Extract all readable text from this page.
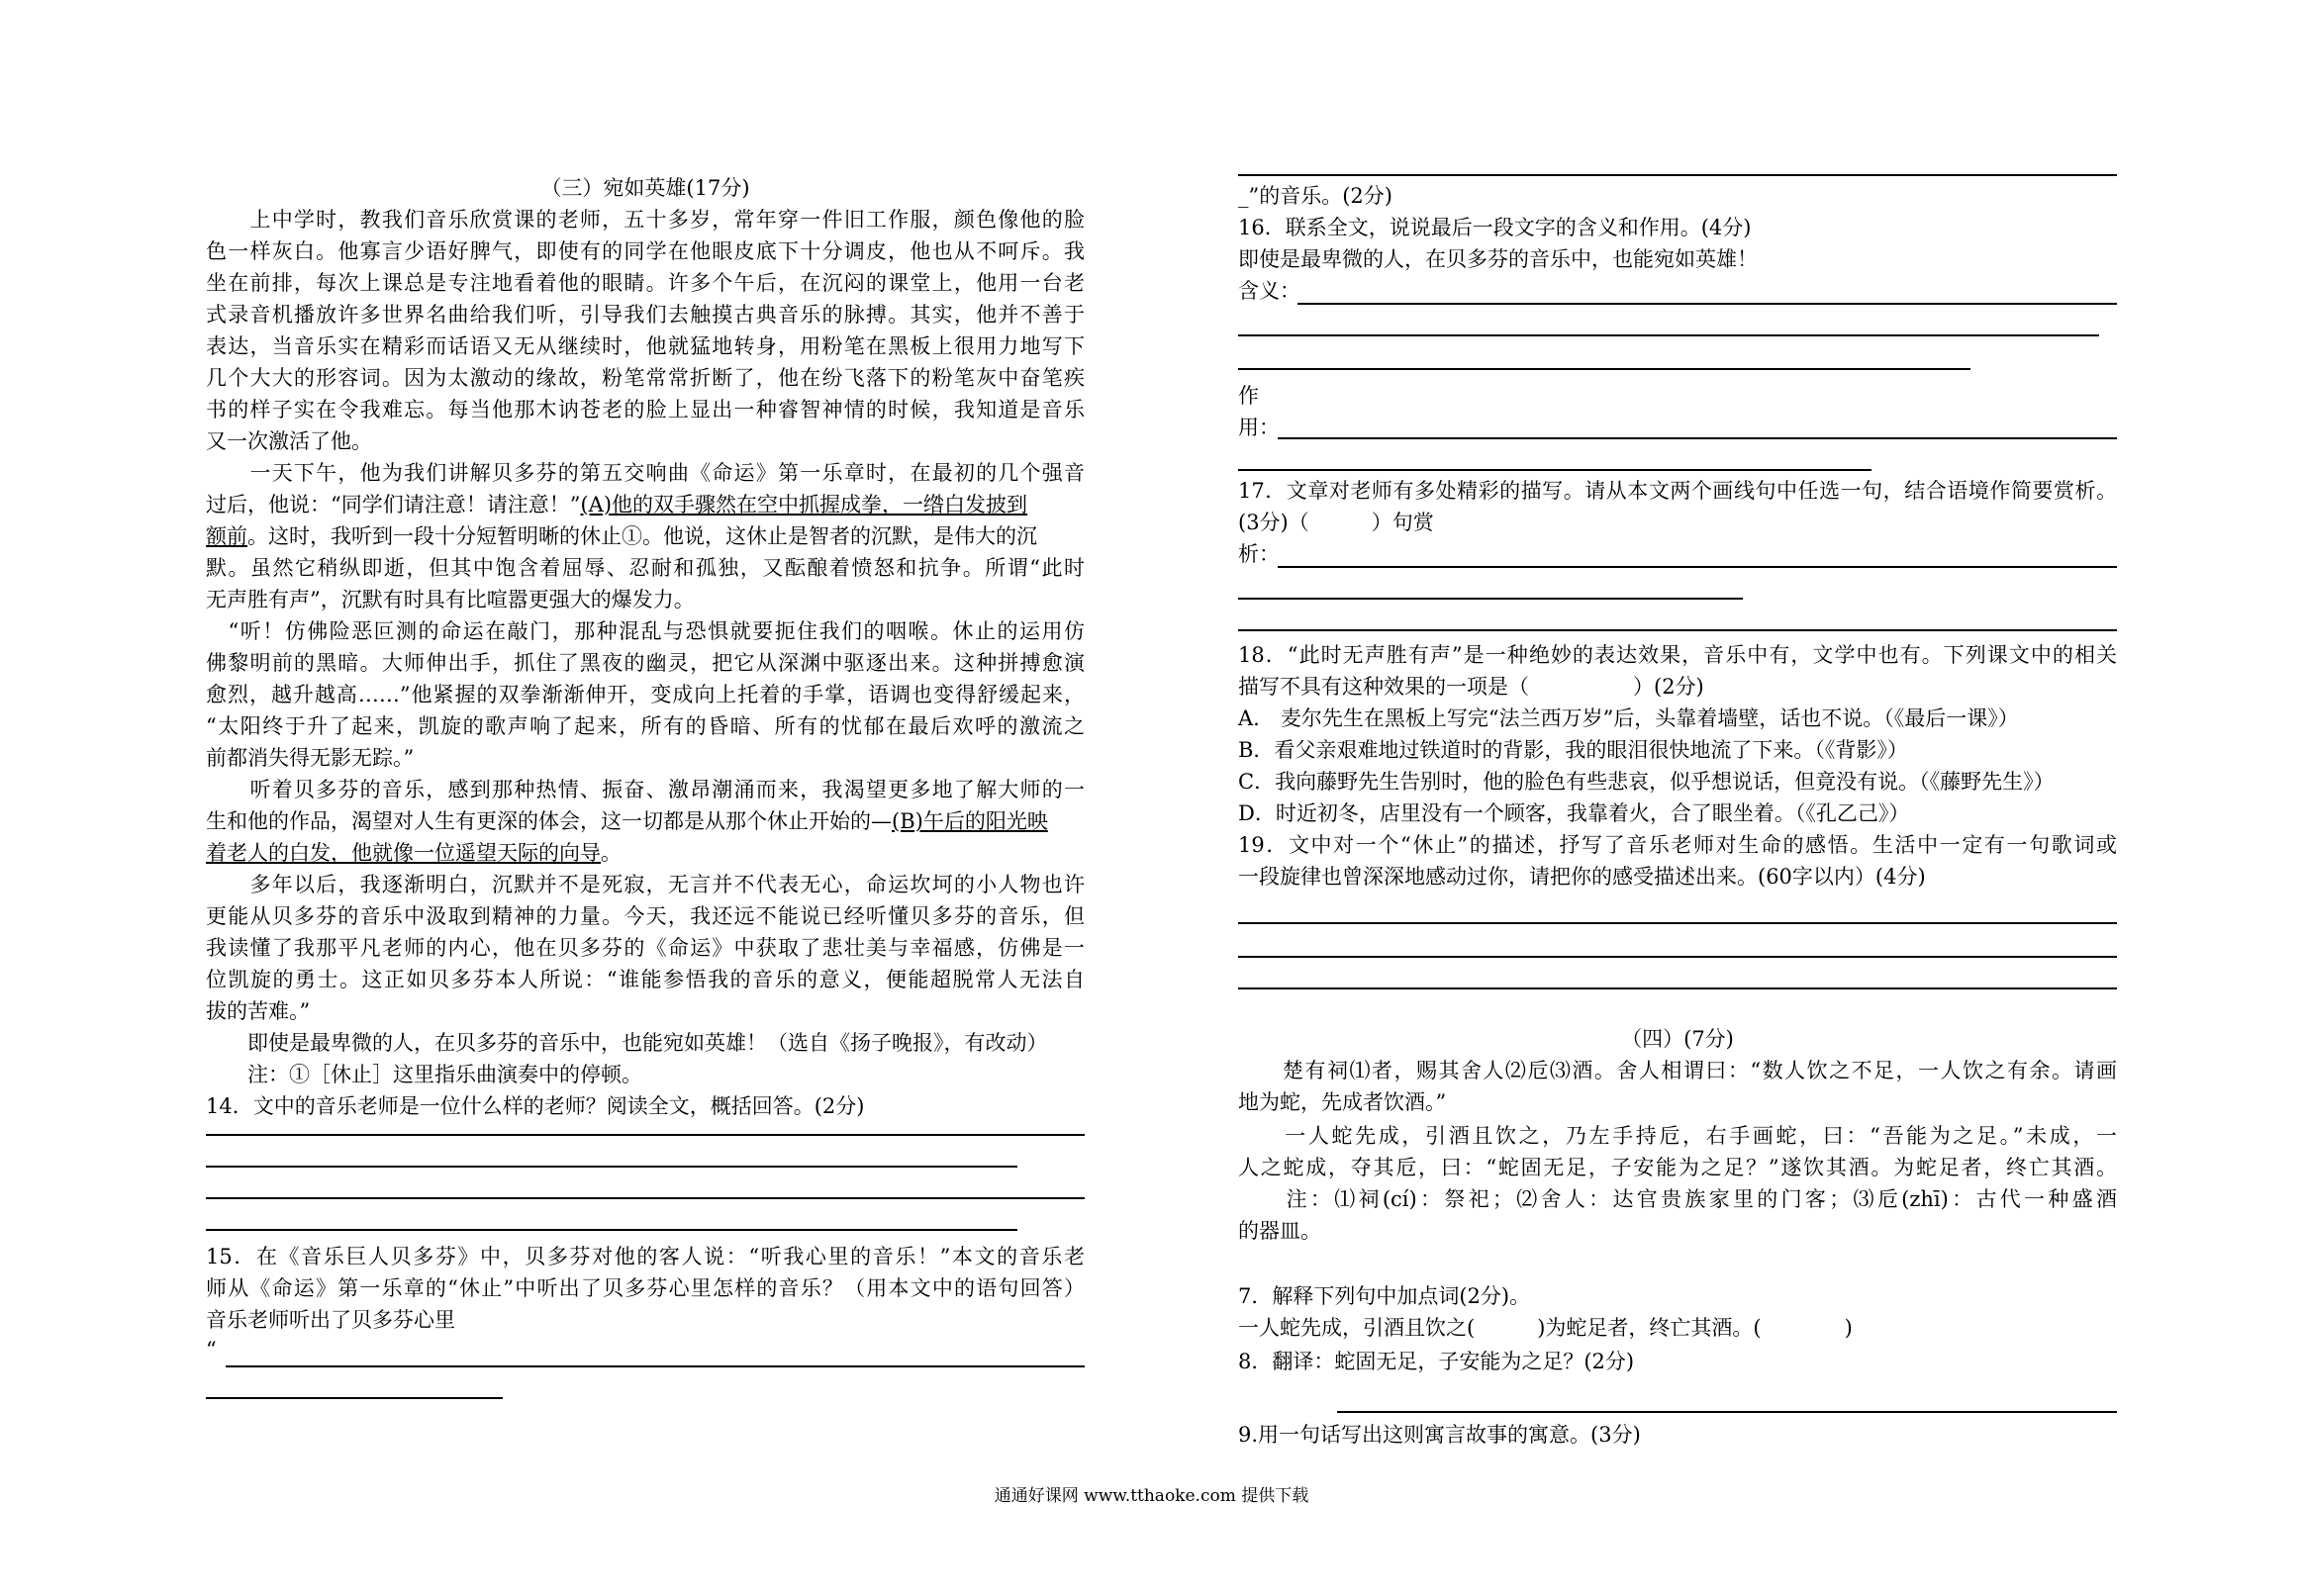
（三）宛如英雄(17分)
　　上中学时，教我们音乐欣赏课的老师，五十多岁，常年穿一件旧工作服，颜色像他的脸
色一样灰白。他寡言少语好脾气，即使有的同学在他眼皮底下十分调皮，他也从不呵斥。我
坐在前排，每次上课总是专注地看着他的眼睛。许多个午后，在沉闷的课堂上，他用一台老
式录音机播放许多世界名曲给我们听，引导我们去触摸古典音乐的脉搏。其实，他并不善于
表达，当音乐实在精彩而话语又无从继续时，他就猛地转身，用粉笔在黑板上很用力地写下
几个大大的形容词。因为太激动的缘故，粉笔常常折断了，他在纷飞落下的粉笔灰中奋笔疾
书的样子实在令我难忘。每当他那木讷苍老的脸上显出一种睿智神情的时候，我知道是音乐
又一次激活了他。
　　一天下午，他为我们讲解贝多芬的第五交响曲《命运》第一乐章时，在最初的几个强音
过后，他说：“同学们请注意！请注意！”(A)他的双手骤然在空中抓握成拳，一绺白发披到
额前。这时，我听到一段十分短暂明晰的休止①。他说，这休止是智者的沉默，是伟大的沉
默。虽然它稍纵即逝，但其中饱含着屈辱、忍耐和孤独，又酝酿着愤怒和抗争。所谓“此时
无声胜有声”，沉默有时具有比喧嚣更强大的爆发力。
　“听！仿佛险恶叵测的命运在敲门，那种混乱与恐惧就要扼住我们的咽喉。休止的运用仿
佛黎明前的黑暗。大师伸出手，抓住了黑夜的幽灵，把它从深渊中驱逐出来。这种拼搏愈演
愈烈，越升越高……”他紧握的双拳渐渐伸开，变成向上托着的手掌，语调也变得舒缓起来，
“太阳终于升了起来，凯旋的歌声响了起来，所有的昏暗、所有的忧郁在最后欢呼的激流之
前都消失得无影无踪。”
　　听着贝多芬的音乐，感到那种热情、振奋、激昂潮涌而来，我渴望更多地了解大师的一
生和他的作品，渴望对人生有更深的体会，这一切都是从那个休止开始的—(B)午后的阳光映
着老人的白发，他就像一位遥望天际的向导。
　　多年以后，我逐渐明白，沉默并不是死寂，无言并不代表无心，命运坎坷的小人物也许
更能从贝多芬的音乐中汲取到精神的力量。今天，我还远不能说已经听懂贝多芬的音乐，但
我读懂了我那平凡老师的内心，他在贝多芬的《命运》中获取了悲壮美与幸福感，仿佛是一
位凯旋的勇士。这正如贝多芬本人所说：“谁能参悟我的音乐的意义，便能超脱常人无法自
拔的苦难。”
　　即使是最卑微的人，在贝多芬的音乐中，也能宛如英雄！（选自《扬子晚报》，有改动）
　　注：①［休止］这里指乐曲演奏中的停顿。
14．文中的音乐老师是一位什么样的老师？阅读全文，概括回答。(2分)
15．在《音乐巨人贝多芬》中，贝多芬对他的客人说：“听我心里的音乐！”本文的音乐老
师从《命运》第一乐章的“休止”中听出了贝多芬心里怎样的音乐？（用本文中的语句回答）
音乐老师听出了贝多芬心里
“
_”的音乐。(2分)
16．联系全文，说说最后一段文字的含义和作用。(4分)
即使是最卑微的人，在贝多芬的音乐中，也能宛如英雄！
含义：
作
用：
17．文章对老师有多处精彩的描写。请从本文两个画线句中任选一句，结合语境作简要赏析。
(3分)（　　　）句赏
析：
18．“此时无声胜有声”是一种绝妙的表达效果，音乐中有，文学中也有。下列课文中的相关
描写不具有这种效果的一项是（　　　　　）(2分)
A.　麦尔先生在黑板上写完“法兰西万岁”后，头靠着墙壁，话也不说。（《最后一课》）
B．看父亲艰难地过铁道时的背影，我的眼泪很快地流了下来。（《背影》）
C．我向藤野先生告别时，他的脸色有些悲哀，似乎想说话，但竟没有说。（《藤野先生》）
D．时近初冬，店里没有一个顾客，我靠着火，合了眼坐着。（《孔乙己》）
19．文中对一个“休止”的描述，抒写了音乐老师对生命的感悟。生活中一定有一句歌词或
一段旋律也曾深深地感动过你，请把你的感受描述出来。(60字以内）(4分)
（四）(7分)
　　楚有祠⑴者，赐其舍人⑵卮⑶酒。舍人相谓曰：“数人饮之不足，一人饮之有余。请画
地为蛇，先成者饮酒。”
　　一人蛇先成，引酒且饮之，乃左手持卮，右手画蛇，曰：“吾能为之足。”未成，一
人之蛇成，夺其卮，曰：“蛇固无足，子安能为之足？”遂饮其酒。为蛇足者，终亡其酒。
　　注：⑴祠(cí)：祭祀；⑵舍人：达官贵族家里的门客；⑶卮(zhī)：古代一种盛酒
的器皿。
7．解释下列句中加点词(2分)。
一人蛇先成，引酒且饮之(　　　)为蛇足者，终亡其酒。(　　　　)
8．翻译：蛇固无足，子安能为之足？(2分)
9.用一句话写出这则寓言故事的寓意。(3分)
通通好课网 www.tthaoke.com 提供下载
